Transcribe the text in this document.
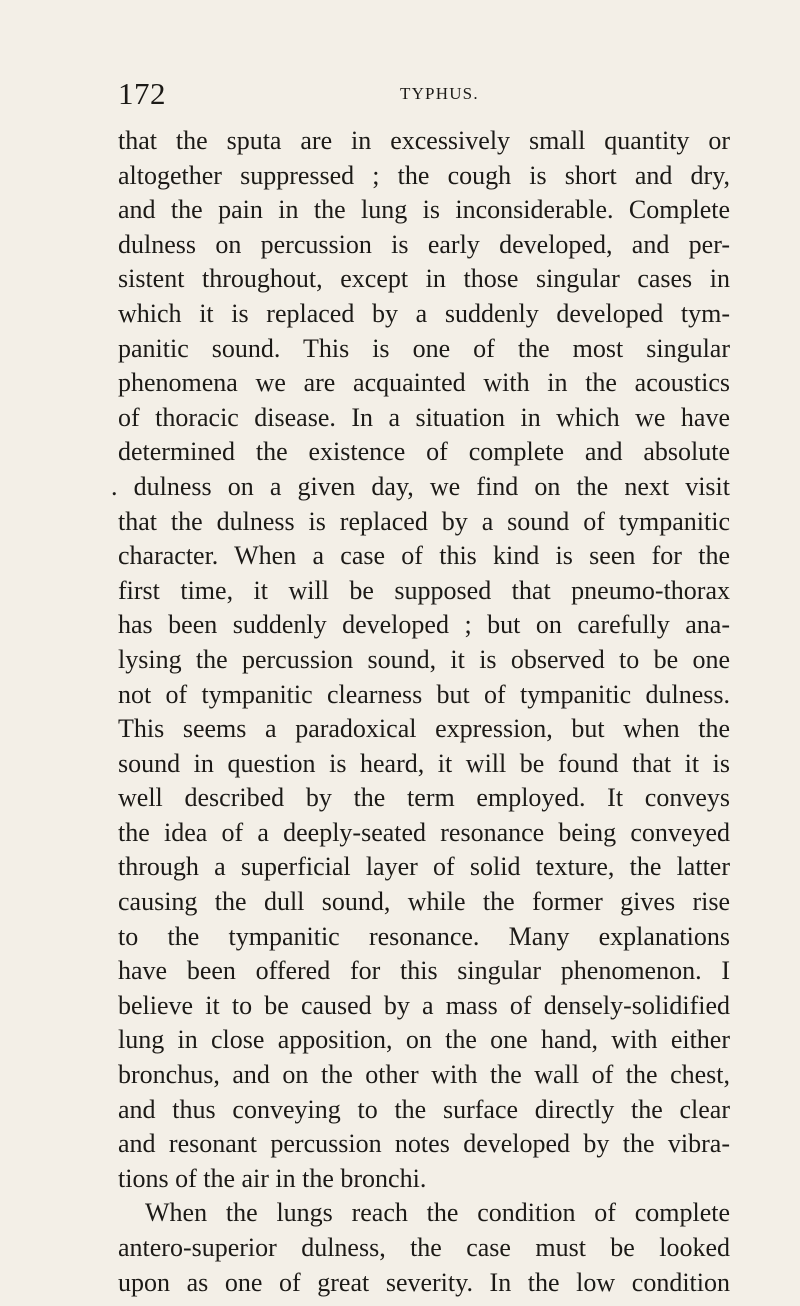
172	TYPHUS.
that the sputa are in excessively small quantity or
altogether suppressed ; the cough is short and dry,
and the pain in the lung is inconsiderable. Complete
dulness on percussion is early developed, and per-
sistent throughout, except in those singular cases in
which it is replaced by a suddenly developed tym-
panitic sound. This is one of the most singular
phenomena we are acquainted with in the acoustics
of thoracic disease. In a situation in which we have
determined the existence of complete and absolute
. dulness on a given day, we find on the next visit
that the dulness is replaced by a sound of tympanitic
character. When a case of this kind is seen for the
first time, it will be supposed that pneumo-thorax
has been suddenly developed ; but on carefully ana-
lysing the percussion sound, it is observed to be one
not of tympanitic clearness but of tympanitic dulness.
This seems a paradoxical expression, but when the
sound in question is heard, it will be found that it is
well described by the term employed. It conveys
the idea of a deeply-seated resonance being conveyed
through a superficial layer of solid texture, the latter
causing the dull sound, while the former gives rise
to the tympanitic resonance. Many explanations
have been offered for this singular phenomenon. I
believe it to be caused by a mass of densely-solidified
lung in close apposition, on the one hand, with either
bronchus, and on the other with the wall of the chest,
and thus conveying to the surface directly the clear
and resonant percussion notes developed by the vibra-
tions of the air in the bronchi.
When the lungs reach the condition of complete
antero-superior dulness, the case must be looked
upon as one of great severity. In the low condition
